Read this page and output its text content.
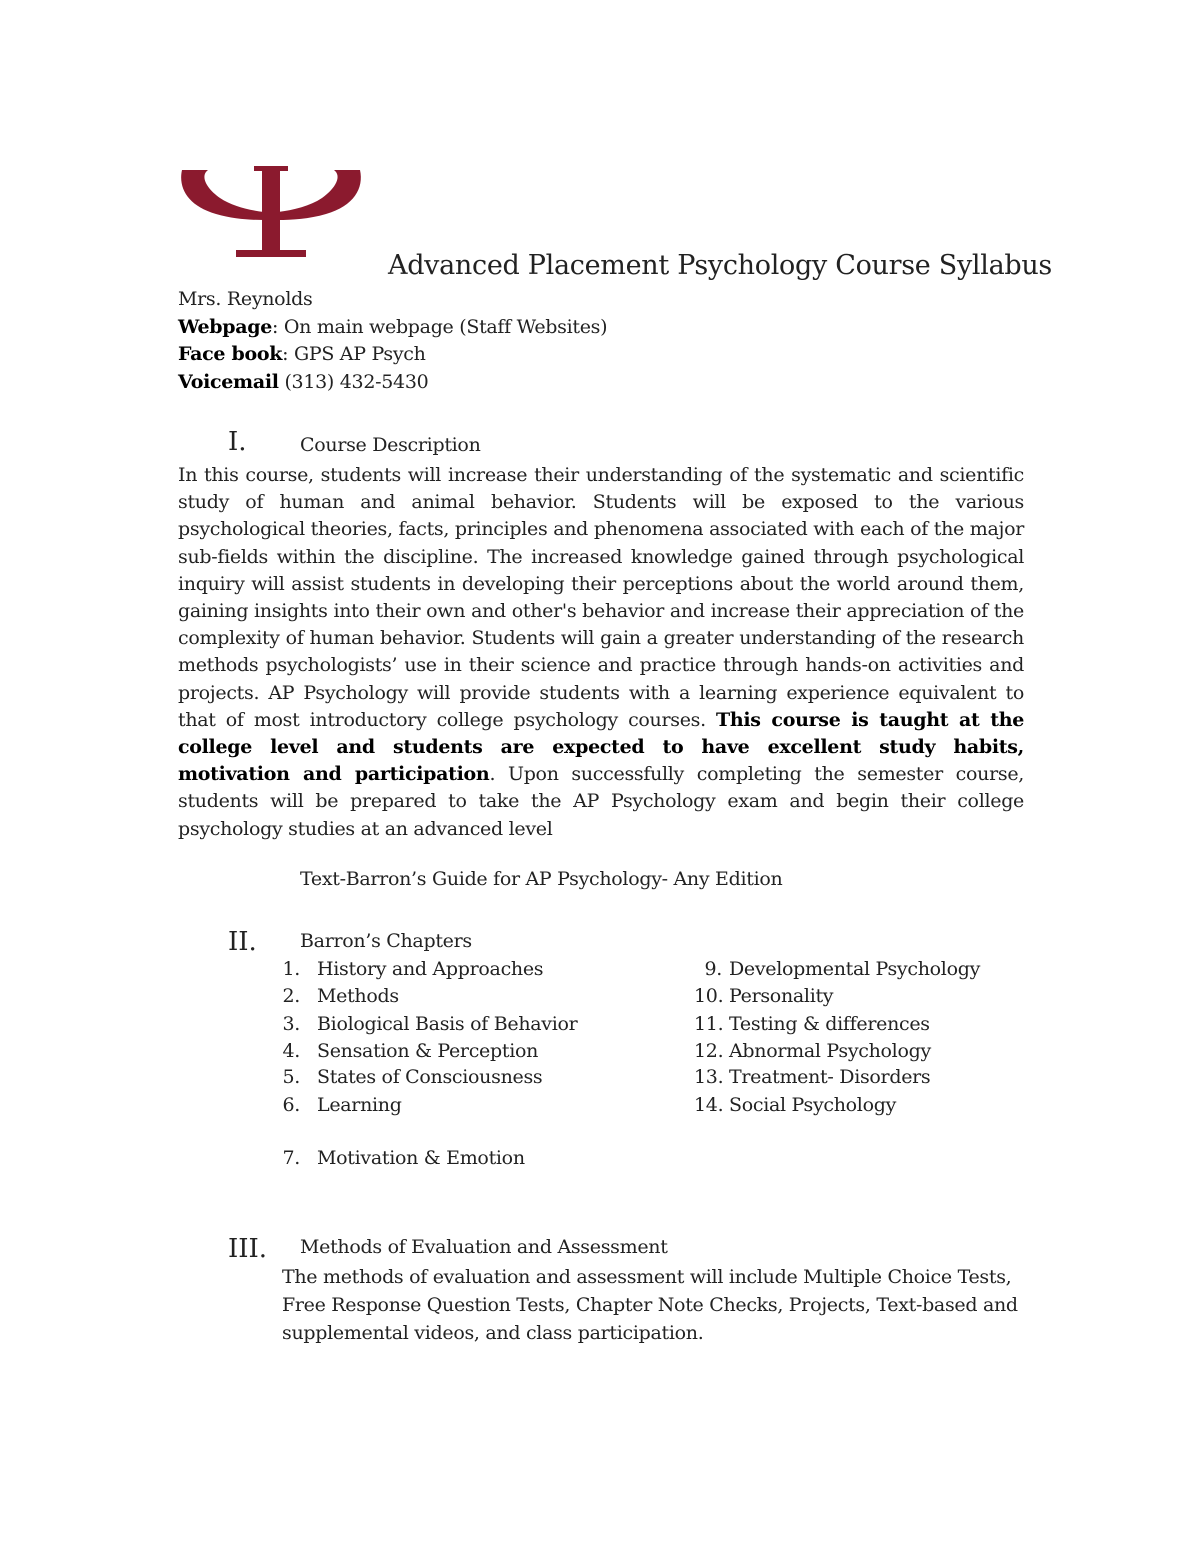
Advanced Placement Psychology Course Syllabus
Mrs. Reynolds
Webpage: On main webpage (Staff Websites)
Face book: GPS AP Psych
Voicemail (313) 432-5430
I.	Course Description
In this course, students will increase their understanding of the systematic and scientific study of human and animal behavior. Students will be exposed to the various psychological theories, facts, principles and phenomena associated with each of the major sub-fields within the discipline. The increased knowledge gained through psychological inquiry will assist students in developing their perceptions about the world around them, gaining insights into their own and other's behavior and increase their appreciation of the complexity of human behavior. Students will gain a greater understanding of the research methods psychologists’ use in their science and practice through hands-on activities and projects. AP Psychology will provide students with a learning experience equivalent to that of most introductory college psychology courses. This course is taught at the college level and students are expected to have excellent study habits, motivation and participation. Upon successfully completing the semester course, students will be prepared to take the AP Psychology exam and begin their college psychology studies at an advanced level
Text-Barron’s Guide for AP Psychology- Any Edition
II. Barron’s Chapters
1. History and Approaches
2. Methods
3. Biological Basis of Behavior
4. Sensation & Perception
5. States of Consciousness
6. Learning
7. Motivation & Emotion
9. Developmental Psychology
10. Personality
11. Testing & differences
12. Abnormal Psychology
13. Treatment- Disorders
14. Social Psychology
III. Methods of Evaluation and Assessment
The methods of evaluation and assessment will include Multiple Choice Tests, Free Response Question Tests, Chapter Note Checks, Projects, Text-based and supplemental videos, and class participation.
